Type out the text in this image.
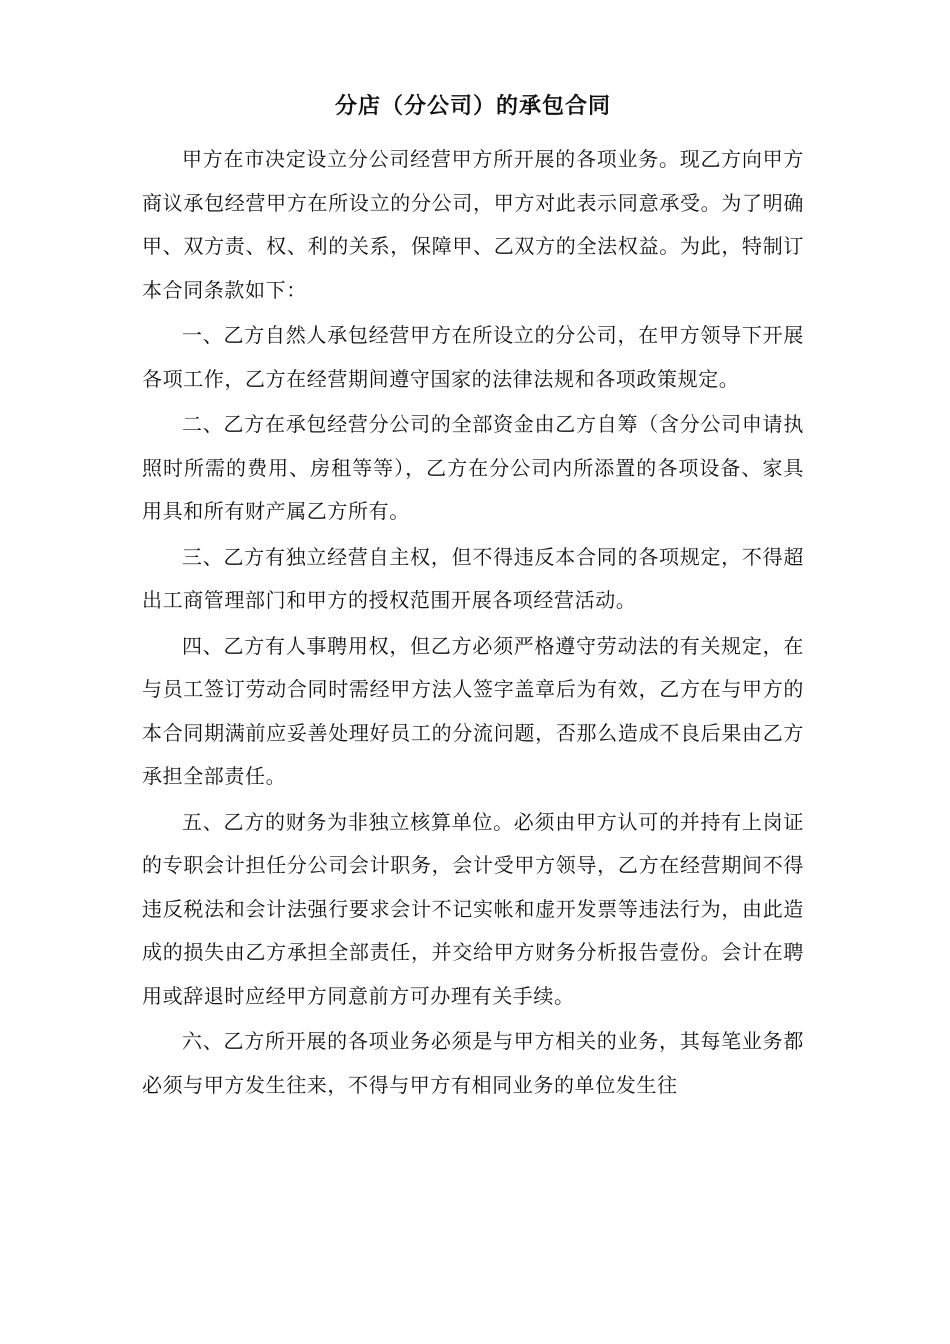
分店（分公司）的承包合同

甲方在市决定设立分公司经营甲方所开展的各项业务。现乙方向甲方商议承包经营甲方在所设立的分公司，甲方对此表示同意承受。为了明确甲、双方责、权、利的关系，保障甲、乙双方的全法权益。为此，特制订本合同条款如下：

一、乙方自然人承包经营甲方在所设立的分公司，在甲方领导下开展各项工作，乙方在经营期间遵守国家的法律法规和各项政策规定。

二、乙方在承包经营分公司的全部资金由乙方自筹（含分公司申请执照时所需的费用、房租等等），乙方在分公司内所添置的各项设备、家具用具和所有财产属乙方所有。

三、乙方有独立经营自主权，但不得违反本合同的各项规定，不得超出工商管理部门和甲方的授权范围开展各项经营活动。

四、乙方有人事聘用权，但乙方必须严格遵守劳动法的有关规定，在与员工签订劳动合同时需经甲方法人签字盖章后为有效，乙方在与甲方的本合同期满前应妥善处理好员工的分流问题，否那么造成不良后果由乙方承担全部责任。

五、乙方的财务为非独立核算单位。必须由甲方认可的并持有上岗证的专职会计担任分公司会计职务，会计受甲方领导，乙方在经营期间不得违反税法和会计法强行要求会计不记实帐和虚开发票等违法行为，由此造成的损失由乙方承担全部责任，并交给甲方财务分析报告壹份。会计在聘用或辞退时应经甲方同意前方可办理有关手续。

六、乙方所开展的各项业务必须是与甲方相关的业务，其每笔业务都必须与甲方发生往来，不得与甲方有相同业务的单位发生往
